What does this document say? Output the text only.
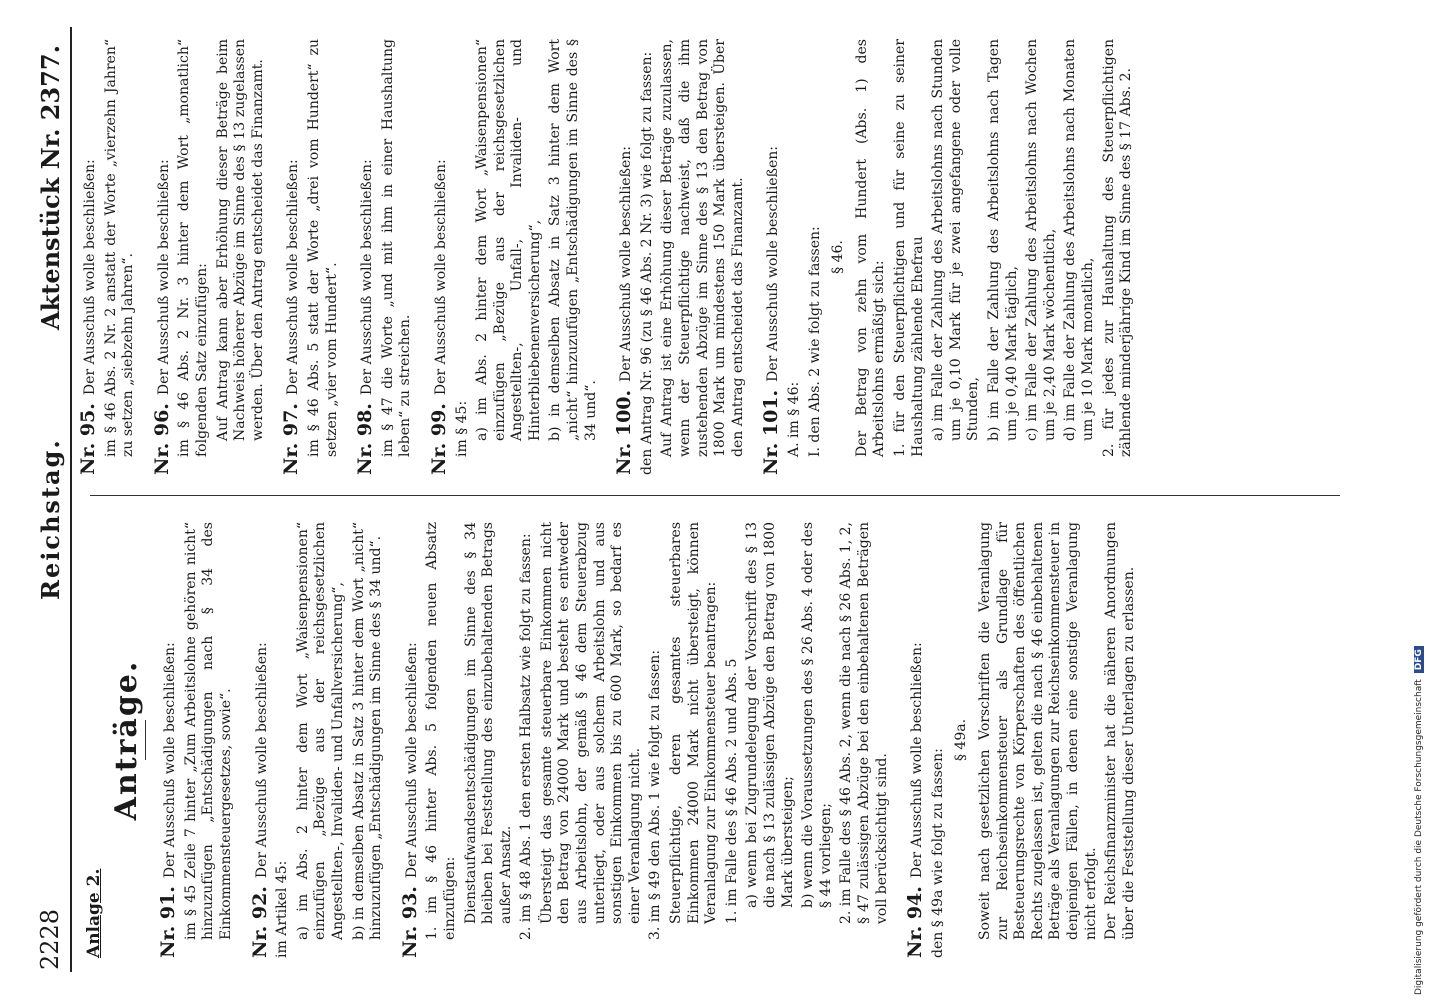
2228
Reichstag.
Aktenstück Nr. 2377.
Anlage 2.
Anträge.

Nr. 91.Der Ausschuß wolle beschließen: im § 45 Zeile 7 hinter „Zum Arbeitslohne gehören nicht“ hinzuzufügen „Entschädigungen nach § 34 des Einkommensteuergesetzes, sowie“. Nr. 92.Der Ausschuß wolle beschließen:

im Artikel 45: a) im Abs. 2 hinter dem Wort „Waisenpensionen“ einzufügen „Bezüge aus der reichsgesetzlichen Angestellten-, Invaliden- und Unfallversicherung“, b) in demselben Absatz in Satz 3 hinter dem Wort „nicht“ hinzuzufügen „Entschädigungen im Sinne des § 34 und“. Nr. 93.Der Ausschuß wolle beschließen: 1. im § 46 hinter Abs. 5 folgenden neuen Absatz einzufügen: Dienstaufwandsentschädigungen im Sinne des § 34 bleiben bei Feststellung des einzubehaltenden Betrags außer Ansatz. 2. im § 48 Abs. 1 den ersten Halbsatz wie folgt zu fassen: Übersteigt das gesamte steuerbare Einkommen nicht den Betrag von 24000 Mark und besteht es entweder aus Arbeitslohn, der gemäß § 46 dem Steuerabzug unterliegt, oder aus solchem Arbeitslohn und aus sonstigen Einkommen bis zu 600 Mark, so bedarf es einer Veranlagung nicht. 3. im § 49 den Abs. 1 wie folgt zu fassen: Steuerpflichtige, deren gesamtes steuerbares Einkommen 24000 Mark nicht übersteigt, können Veranlagung zur Einkommensteuer beantragen: 1. im Falle des § 46 Abs. 2 und Abs. 5 a) wenn bei Zugrundelegung der Vorschrift des § 13 die nach § 13 zulässigen Abzüge den Betrag von 1800 Mark übersteigen; b) wenn die Voraussetzungen des § 26 Abs. 4 oder des § 44 vorliegen; 2. im Falle des § 46 Abs. 2, wenn die nach § 26 Abs. 1, 2, § 47 zulässigen Abzüge bei den einbehaltenen Beträgen voll berücksichtigt sind. Nr. 94.Der Ausschuß wolle beschließen: den § 49a wie folgt zu fassen:

§ 49a. Soweit nach gesetzlichen Vorschriften die Veranlagung zur Reichseinkommensteuer als Grundlage für Besteuerungsrechte von Körperschaften des öffentlichen Rechts zugelassen ist, gelten die nach § 46 einbehaltenen Beträge als Veranlagungen zur Reichseinkommensteuer in denjenigen Fällen, in denen eine sonstige Veranlagung nicht erfolgt. Der Reichsfinanzminister hat die näheren Anordnungen über die Feststellung dieser Unterlagen zu erlassen.

Nr. 95.Der Ausschuß wolle beschließen: im § 46 Abs. 2 Nr. 2 anstatt der Worte „vierzehn Jahren“ zu setzen „siebzehn Jahren“. Nr. 96.Der Ausschuß wolle beschließen: im § 46 Abs. 2 Nr. 3 hinter dem Wort „monatlich“ folgenden Satz einzufügen: Auf Antrag kann aber Erhöhung dieser Beträge beim Nachweis höherer Abzüge im Sinne des § 13 zugelassen werden. Über den Antrag entscheidet das Finanzamt. Nr. 97.Der Ausschuß wolle beschließen: im § 46 Abs. 5 statt der Worte „drei vom Hundert“ zu setzen „vier vom Hundert“. Nr. 98.Der Ausschuß wolle beschließen: im § 47 die Worte „und mit ihm in einer Haushaltung leben“ zu streichen. Nr. 99.Der Ausschuß wolle beschließen:

im § 45: a) im Abs. 2 hinter dem Wort „Waisenpensionen“ einzufügen „Bezüge aus der reichsgesetzlichen Angestellten-, Unfall-, Invaliden- und Hinterbliebenenversicherung“, b) in demselben Absatz in Satz 3 hinter dem Wort „nicht“ hinzuzufügen „Entschädigungen im Sinne des § 34 und“. Nr. 100.Der Ausschuß wolle beschließen: den Antrag Nr. 96 (zu § 46 Abs. 2 Nr. 3) wie folgt zu fassen: Auf Antrag ist eine Erhöhung dieser Beträge zuzulassen, wenn der Steuerpflichtige nachweist, daß die ihm zustehenden Abzüge im Sinne des § 13 den Betrag von 1800 Mark um mindestens 150 Mark übersteigen. Über den Antrag entscheidet das Finanzamt. Nr. 101.Der Ausschuß wolle beschließen:

A. im § 46: I. den Abs. 2 wie folgt zu fassen: § 46. Der Betrag von zehn vom Hundert (Abs. 1) des Arbeitslohns ermäßigt sich: 1. für den Steuerpflichtigen und für seine zu seiner Haushaltung zählende Ehefrau a) im Falle der Zahlung des Arbeitslohns nach Stunden um je 0,10 Mark für je zwei angefangene oder volle Stunden, b) im Falle der Zahlung des Arbeitslohns nach Tagen um je 0,40 Mark täglich, c) im Falle der Zahlung des Arbeitslohns nach Wochen um je 2,40 Mark wöchentlich, d) im Falle der Zahlung des Arbeitslohns nach Monaten um je 10 Mark monatlich, 2. für jedes zur Haushaltung des Steuerpflichtigen zählende minderjährige Kind im Sinne des § 17 Abs. 2.

Digitalisierung gefördert durch die Deutsche ForschungsgemeinschaftDFG
